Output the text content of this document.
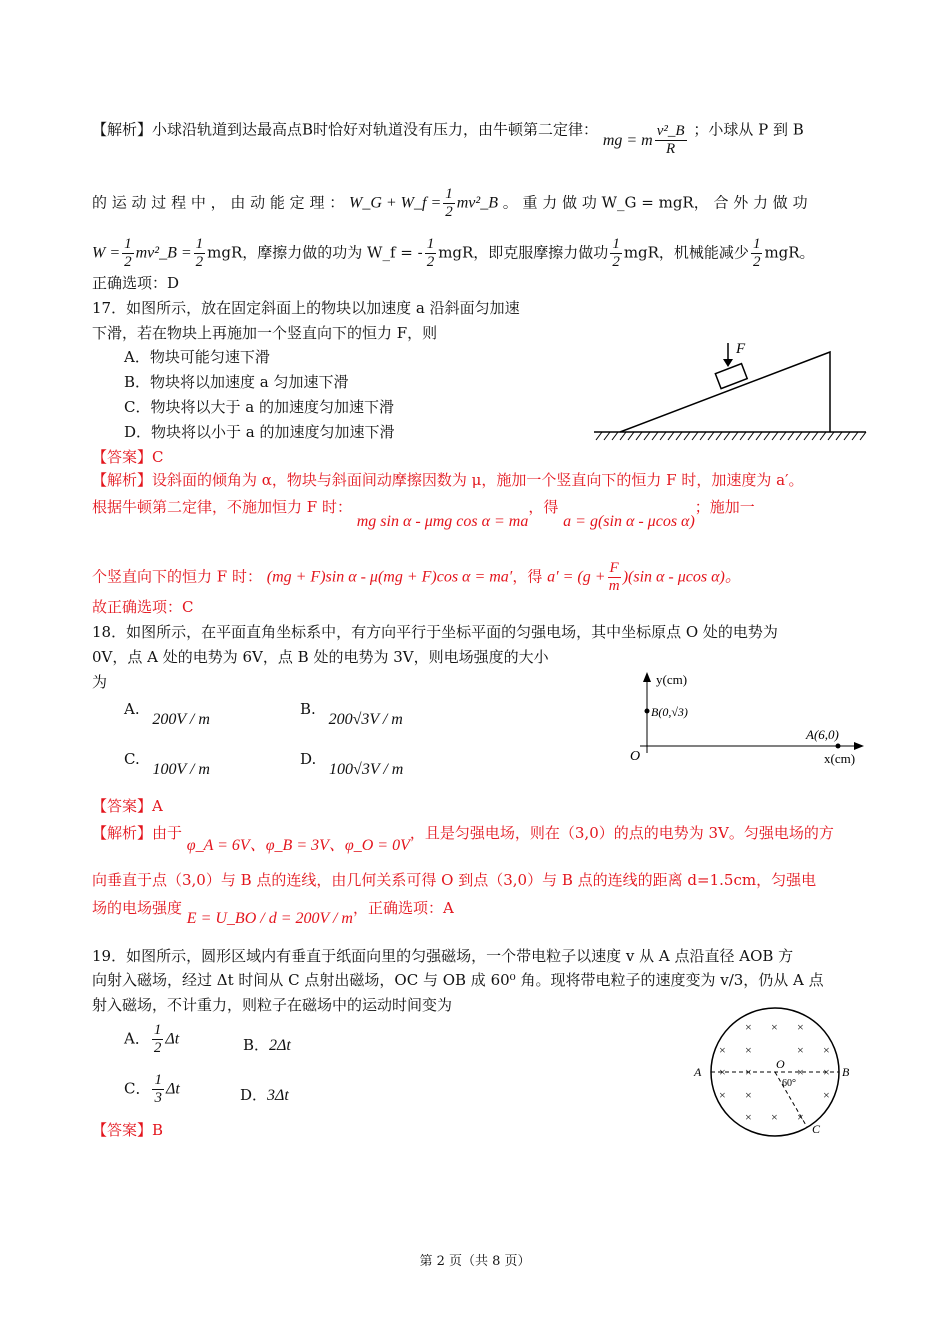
【解析】小球沿轨道到达最高点B时恰好对轨道没有压力，由牛顿第二定律： mg = m $\frac{\text{v²\_B}}{R}$ ；小球从 P 到 B
的 运 动 过 程 中 ， 由 动 能 定 理 ： W_G + W_f = $\frac{1}{2}$ mv²_B 。 重 力 做 功 W_G = mgR， 合 外 力 做 功
$W = \frac{1}{2}$ mv²_B = $\frac{1}{2}$ mgR，摩擦力做的功为 W_f = - $\frac{1}{2}$ mgR，即克服摩擦力做功 $\frac{1}{2}$ mgR，机械能减少 $\frac{1}{2}$ mgR。
正确选项：D
17．如图所示，放在固定斜面上的物块以加速度 a 沿斜面匀加速
下滑，若在物块上再施加一个竖直向下的恒力 F，则
A．物块可能匀速下滑
B．物块将以加速度 a 匀加速下滑
C．物块将以大于 a 的加速度匀加速下滑
D．物块将以小于 a 的加速度匀加速下滑
F
【答案】C
【解析】设斜面的倾角为 α，物块与斜面间动摩擦因数为 μ，施加一个竖直向下的恒力 F 时，加速度为 a′。
根据牛顿第二定律，不施加恒力 F 时： mg sin α - μmg cos α = ma，得 a = g(sin α - μcos α)；施加一
个竖直向下的恒力 F 时： (mg + F)sin α - μ(mg + F)cos α = ma′，得 $a' = (g + \frac{F}{m} )(\sin$ α - μcos α)。
故正确选项：C
18．如图所示，在平面直角坐标系中，有方向平行于坐标平面的匀强电场，其中坐标原点 O 处的电势为
0V，点 A 处的电势为 6V，点 B 处的电势为 3V，则电场强度的大小
为
A. 200V / m
B. 200√3V / m
C. 100V / m
D. 100√3V / m
y(cm)
B(0,√3)
A(6,0)
x(cm)
O
【答案】A
【解析】由于 φ_A = 6V、φ_B = 3V、φ_O = 0V，且是匀强电场，则在（3,0）的点的电势为 3V。匀强电场的方
向垂直于点（3,0）与 B 点的连线，由几何关系可得 O 到点（3,0）与 B 点的连线的距离 d=1.5cm，匀强电
场的电场强度 E = U_BO / d = 200V / m，正确选项：A
19．如图所示，圆形区域内有垂直于纸面向里的匀强磁场，一个带电粒子以速度 v 从 A 点沿直径 AOB 方
向射入磁场，经过 Δt 时间从 C 点射出磁场，OC 与 OB 成 60⁰ 角。现将带电粒子的速度变为 v/3，仍从 A 点
射入磁场，不计重力，则粒子在磁场中的运动时间变为
A． $\frac{1}{2}$ Δt	B．2Δt
C． $\frac{1}{3}$ Δt	D．3Δt
× × ×
× ×	× ×
× ×	× ×
× ×	×
× × ×
A	B
C
O
60°
【答案】B
第 2 页（共 8 页）
